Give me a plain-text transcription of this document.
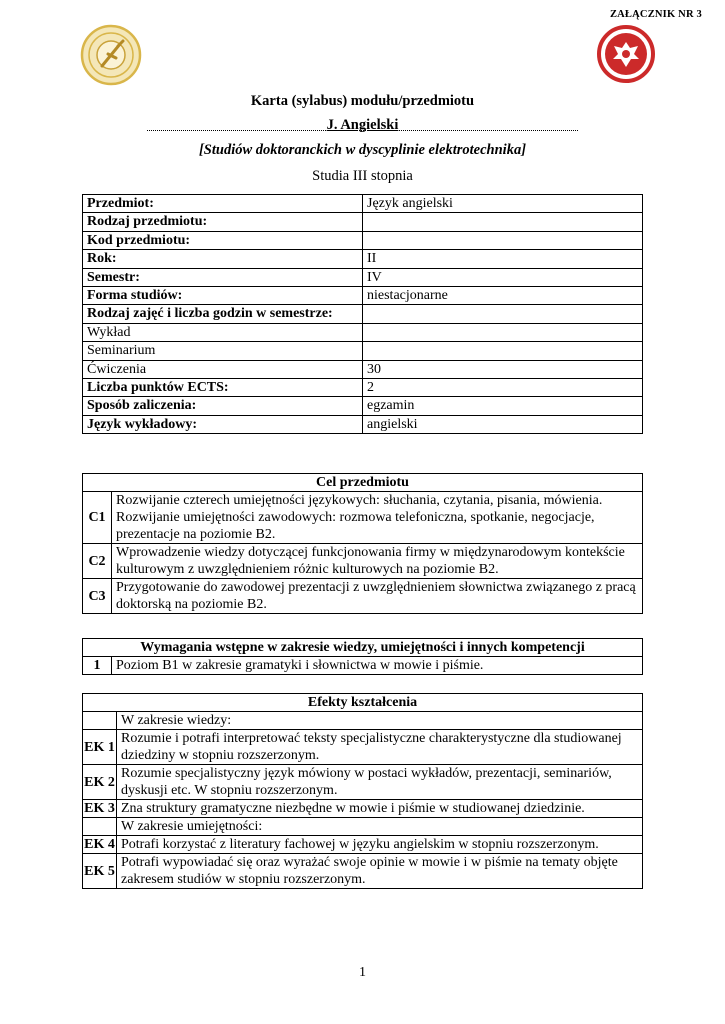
ZAŁĄCZNIK NR 3
Karta (sylabus) modułu/przedmiotu
J. Angielski
[Studiów doktoranckich w dyscyplinie elektrotechnika]
Studia III stopnia
Przedmiot:	Język angielski
Rodzaj przedmiotu:	
Kod przedmiotu:	
Rok:	II
Semestr:	IV
Forma studiów:	niestacjonarne
Rodzaj zajęć i liczba godzin w semestrze:	
Wykład	
Seminarium	
Ćwiczenia	30
Liczba punktów ECTS:	2
Sposób zaliczenia:	egzamin
Język wykładowy:	angielski
Cel przedmiotu	
C1	Rozwijanie czterech umiejętności językowych: słuchania, czytania, pisania, mówienia. Rozwijanie umiejętności zawodowych: rozmowa telefoniczna, spotkanie, negocjacje, prezentacje na poziomie B2.
C2	Wprowadzenie wiedzy dotyczącej funkcjonowania firmy w międzynarodowym kontekście kulturowym z uwzględnieniem różnic kulturowych na poziomie B2.
C3	Przygotowanie do zawodowej prezentacji z uwzględnieniem słownictwa związanego z pracą doktorską na poziomie B2.
Wymagania wstępne w zakresie wiedzy, umiejętności i innych kompetencji
1	Poziom B1 w zakresie gramatyki i słownictwa w mowie i piśmie.
Efekty kształcenia	
	W zakresie wiedzy:
EK 1	Rozumie i potrafi interpretować teksty specjalistyczne charakterystyczne dla studiowanej dziedziny w stopniu rozszerzonym.
EK 2	Rozumie specjalistyczny język mówiony w postaci wykładów, prezentacji, seminariów, dyskusji etc. W stopniu rozszerzonym.
EK 3	Zna struktury gramatyczne niezbędne w mowie i piśmie w studiowanej dziedzinie.
	W zakresie umiejętności:
EK 4	Potrafi korzystać z literatury fachowej w języku angielskim w stopniu rozszerzonym.
EK 5	Potrafi wypowiadać się oraz wyrażać swoje opinie w mowie i w piśmie na tematy objęte zakresem studiów w stopniu rozszerzonym.
1
